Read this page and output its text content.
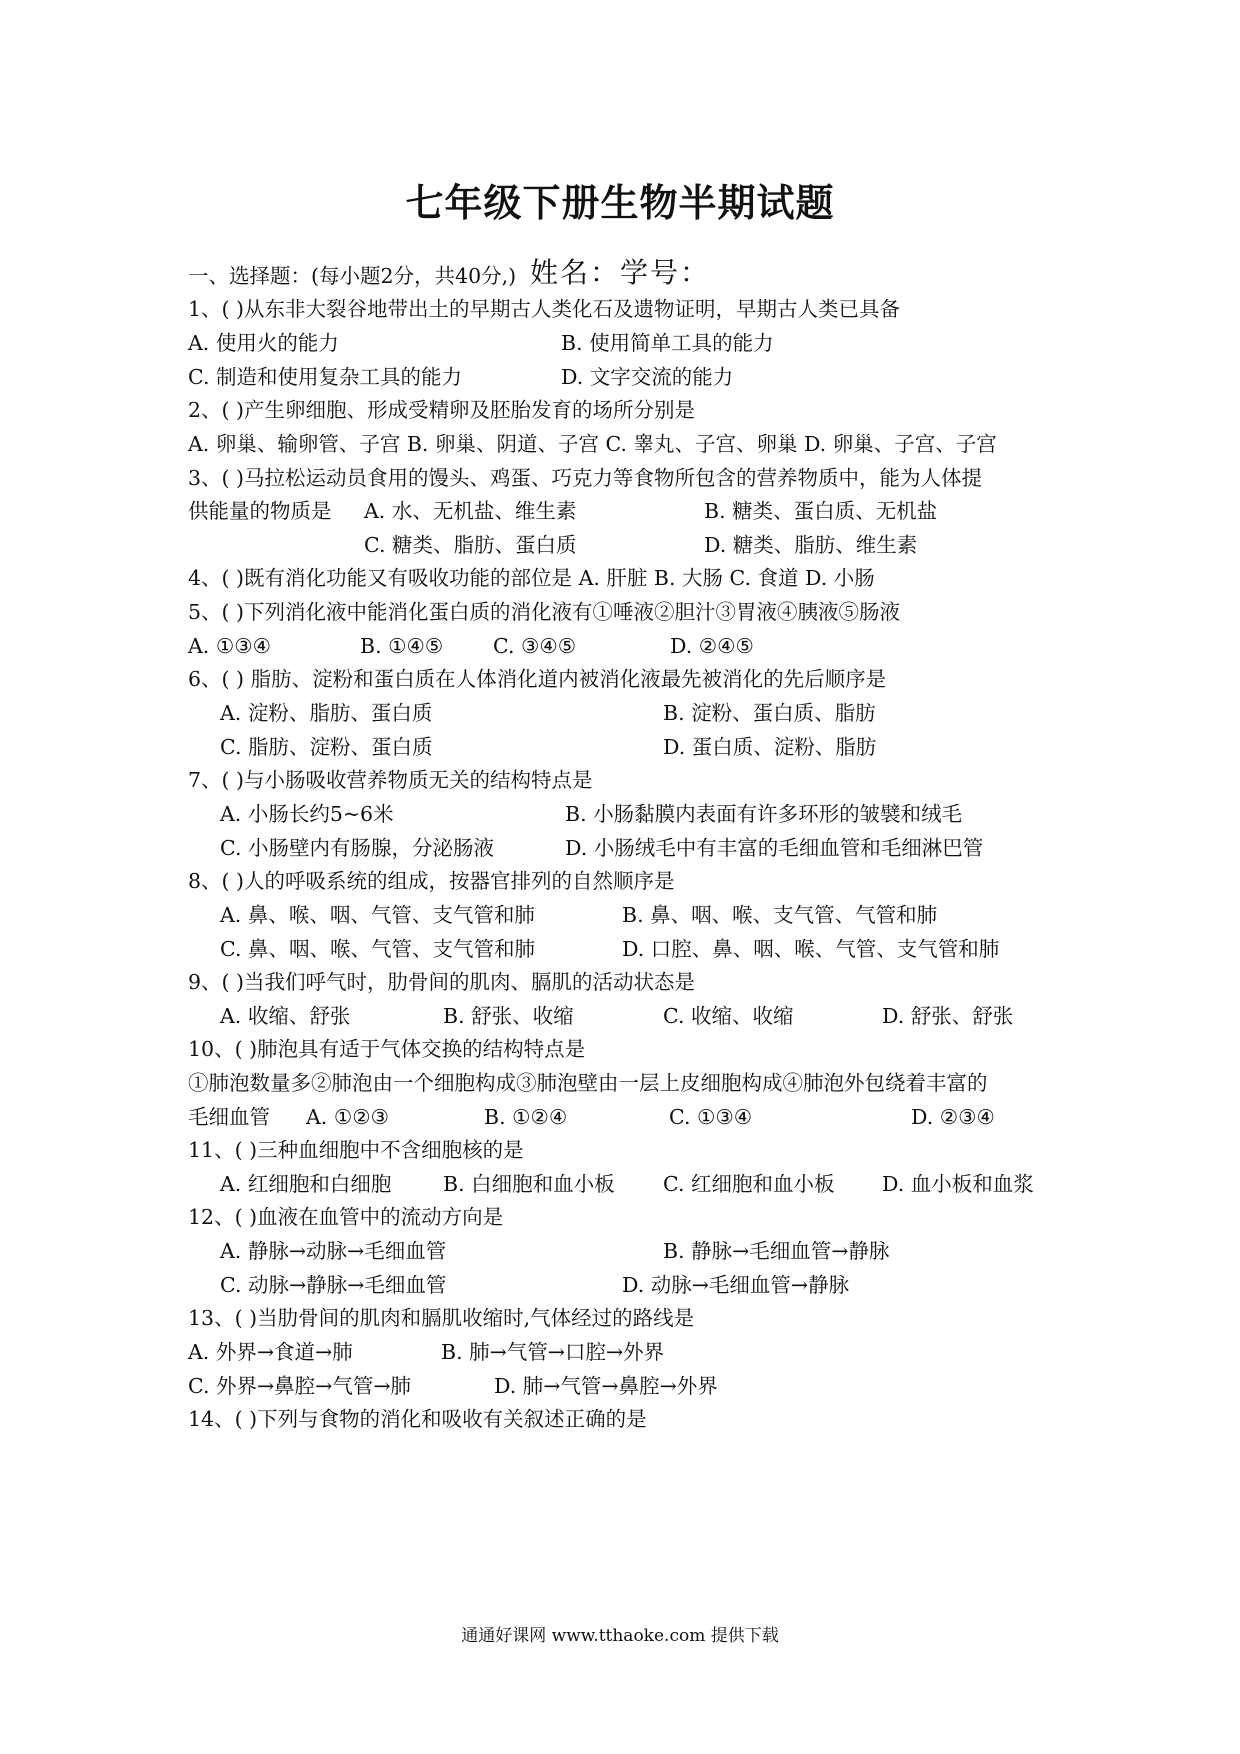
七年级下册生物半期试题
姓名：学号：
一、选择题：(每小题2分，共40分,)
1、( )从东非大裂谷地带出土的早期古人类化石及遗物证明，早期古人类已具备
A. 使用火的能力	B. 使用简单工具的能力
C. 制造和使用复杂工具的能力	D. 文字交流的能力
2、( )产生卵细胞、形成受精卵及胚胎发育的场所分别是
A. 卵巢、输卵管、子宫 B. 卵巢、阴道、子宫 C. 睾丸、子宫、卵巢 D. 卵巢、子宫、子宫
3、( )马拉松运动员食用的馒头、鸡蛋、巧克力等食物所包含的营养物质中，能为人体提
供能量的物质是 A. 水、无机盐、维生素	B. 糖类、蛋白质、无机盐
C. 糖类、脂肪、蛋白质	D. 糖类、脂肪、维生素
4、( )既有消化功能又有吸收功能的部位是 A. 肝脏 B. 大肠 C. 食道 D. 小肠
5、( )下列消化液中能消化蛋白质的消化液有①唾液②胆汁③胃液④胰液⑤肠液
A. ①③④	B. ①④⑤ C. ③④⑤	D. ②④⑤
6、( ) 脂肪、淀粉和蛋白质在人体消化道内被消化液最先被消化的先后顺序是
A. 淀粉、脂肪、蛋白质	B. 淀粉、蛋白质、脂肪
C. 脂肪、淀粉、蛋白质	D. 蛋白质、淀粉、脂肪
7、( )与小肠吸收营养物质无关的结构特点是
A. 小肠长约5~6米	B. 小肠黏膜内表面有许多环形的皱襞和绒毛
C. 小肠壁内有肠腺，分泌肠液	D. 小肠绒毛中有丰富的毛细血管和毛细淋巴管
8、( )人的呼吸系统的组成，按器官排列的自然顺序是
A. 鼻、喉、咽、气管、支气管和肺	B. 鼻、咽、喉、支气管、气管和肺
C. 鼻、咽、喉、气管、支气管和肺	D. 口腔、鼻、咽、喉、气管、支气管和肺
9、( )当我们呼气时，肋骨间的肌肉、膈肌的活动状态是
A. 收缩、舒张	B. 舒张、收缩	C. 收缩、收缩	D. 舒张、舒张
10、( )肺泡具有适于气体交换的结构特点是
①肺泡数量多②肺泡由一个细胞构成③肺泡壁由一层上皮细胞构成④肺泡外包绕着丰富的
毛细血管 A. ①②③	B. ①②④	C. ①③④	D. ②③④
11、( )三种血细胞中不含细胞核的是
A. 红细胞和白细胞	B. 白细胞和血小板 C. 红细胞和血小板 D. 血小板和血浆
12、( )血液在血管中的流动方向是
A. 静脉→动脉→毛细血管	B. 静脉→毛细血管→静脉
C. 动脉→静脉→毛细血管	D. 动脉→毛细血管→静脉
13、( )当肋骨间的肌肉和膈肌收缩时,气体经过的路线是
A. 外界→食道→肺	B. 肺→气管→口腔→外界
C. 外界→鼻腔→气管→肺	D. 肺→气管→鼻腔→外界
14、( )下列与食物的消化和吸收有关叙述正确的是
通通好课网 www.tthaoke.com 提供下载
